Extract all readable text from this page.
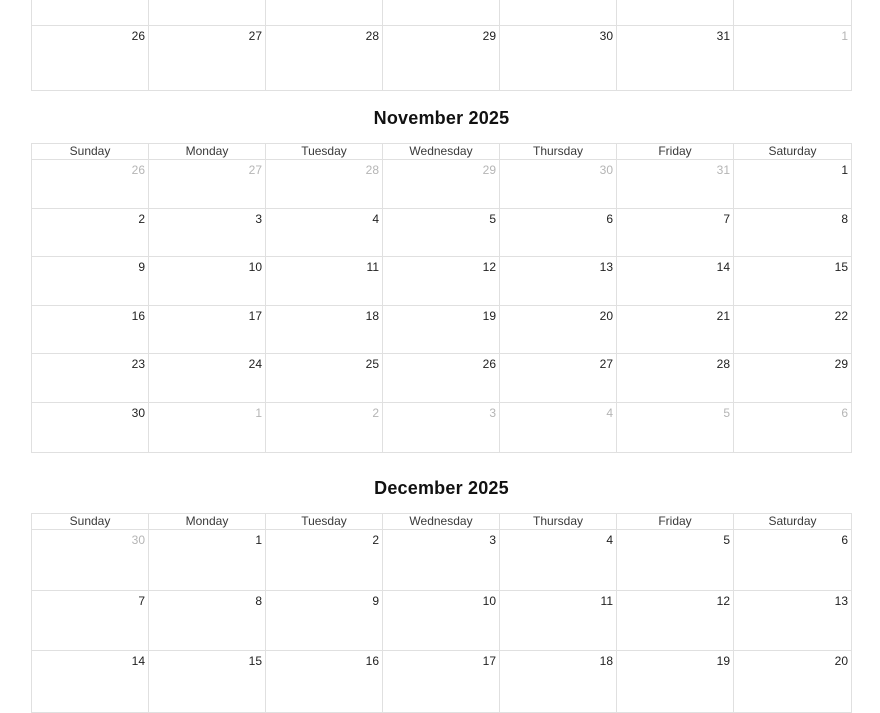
26	27	28	29	30	31	1
November 2025
Sunday	Monday	Tuesday	Wednesday	Thursday	Friday	Saturday
26	27	28	29	30	31	1
2	3	4	5	6	7	8
9	10	11	12	13	14	15
16	17	18	19	20	21	22
23	24	25	26	27	28	29
30	1	2	3	4	5	6
December 2025
Sunday	Monday	Tuesday	Wednesday	Thursday	Friday	Saturday
30	1	2	3	4	5	6
7	8	9	10	11	12	13
14	15	16	17	18	19	20
